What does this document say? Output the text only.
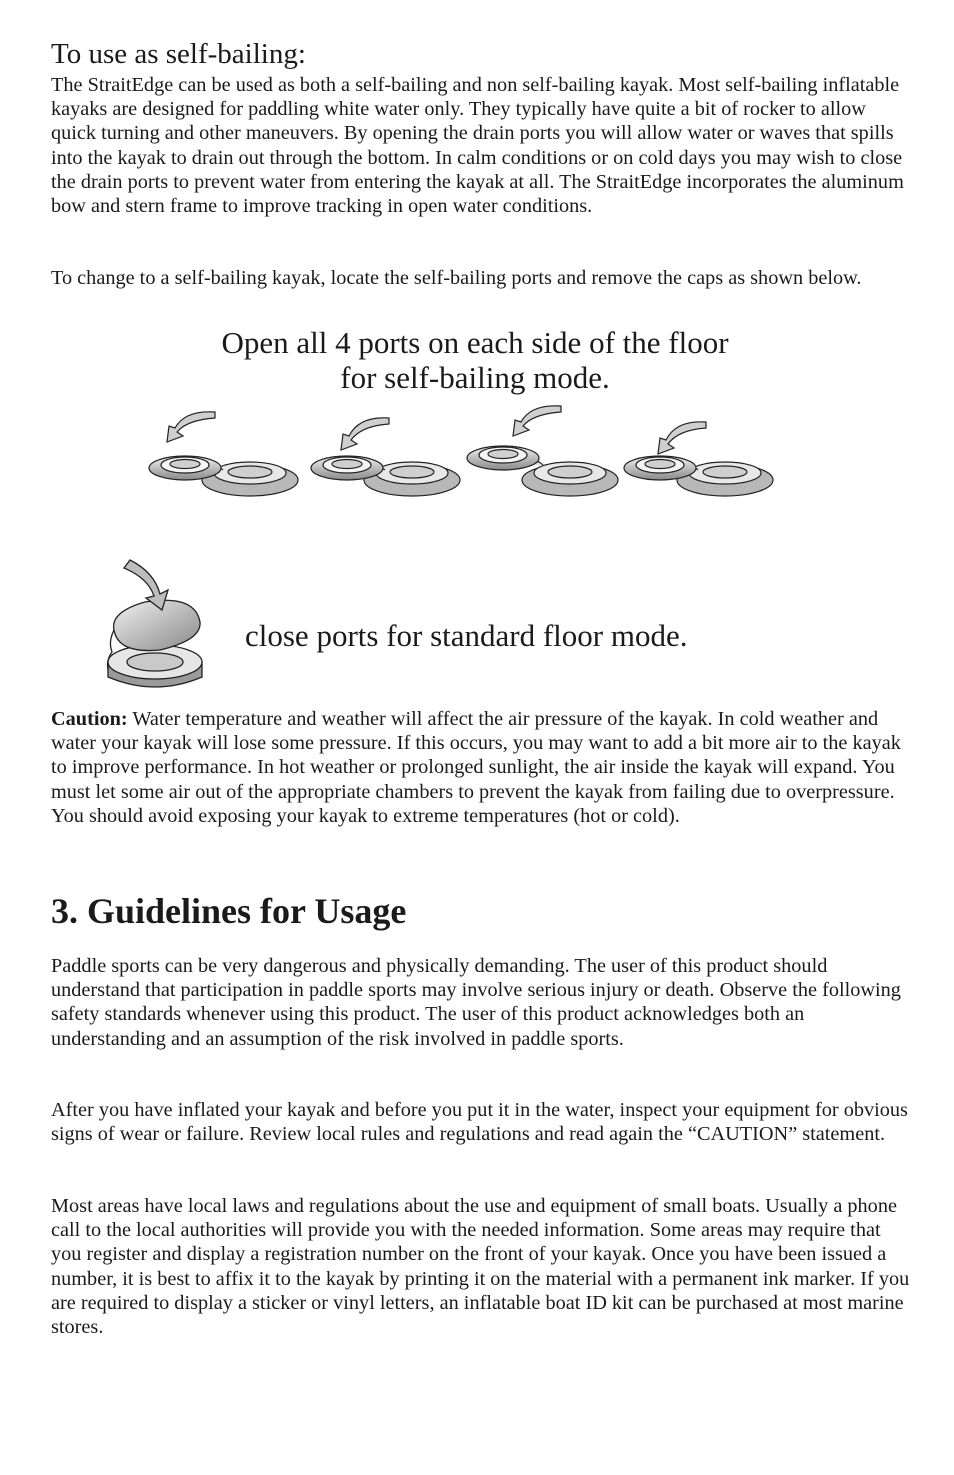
To use as self-bailing:

The StraitEdge can be used as both a self-bailing and non self-bailing kayak. Most self-bailing inflatable kayaks are designed for paddling white water only. They typically have quite a bit of rocker to allow quick turning and other maneuvers. By opening the drain ports you will allow water or waves that spills into the kayak to drain out through the bottom. In calm conditions or on cold days you may wish to close the drain ports to prevent water from entering the kayak at all. The StraitEdge incorporates the aluminum bow and stern frame to improve tracking in open water conditions.

To change to a self-bailing kayak, locate the self-bailing ports and remove the caps as shown below.

Open all 4 ports on each side of the floor

for self-bailing mode.

close ports for standard floor mode.

Caution: Water temperature and weather will affect the air pressure of the kayak. In cold weather and water your kayak will lose some pressure. If this occurs, you may want to add a bit more air to the kayak to improve performance. In hot weather or prolonged sunlight, the air inside the kayak will expand. You must let some air out of the appropriate chambers to prevent the kayak from failing due to overpressure. You should avoid exposing your kayak to extreme temperatures (hot or cold).

3. Guidelines for Usage

Paddle sports can be very dangerous and physically demanding. The user of this product should understand that participation in paddle sports may involve serious injury or death. Observe the following safety standards whenever using this product. The user of this product acknowledges both an understanding and an assumption of the risk involved in paddle sports.

After you have inflated your kayak and before you put it in the water, inspect your equipment for obvious signs of wear or failure. Review local rules and regulations and read again the “CAUTION” statement.

Most areas have local laws and regulations about the use and equipment of small boats. Usually a phone call to the local authorities will provide you with the needed information. Some areas may require that you register and display a registration number on the front of your kayak. Once you have been issued a number, it is best to affix it to the kayak by printing it on the material with a permanent ink marker. If you are required to display a sticker or vinyl letters, an inflatable boat ID kit can be purchased at most marine stores.
